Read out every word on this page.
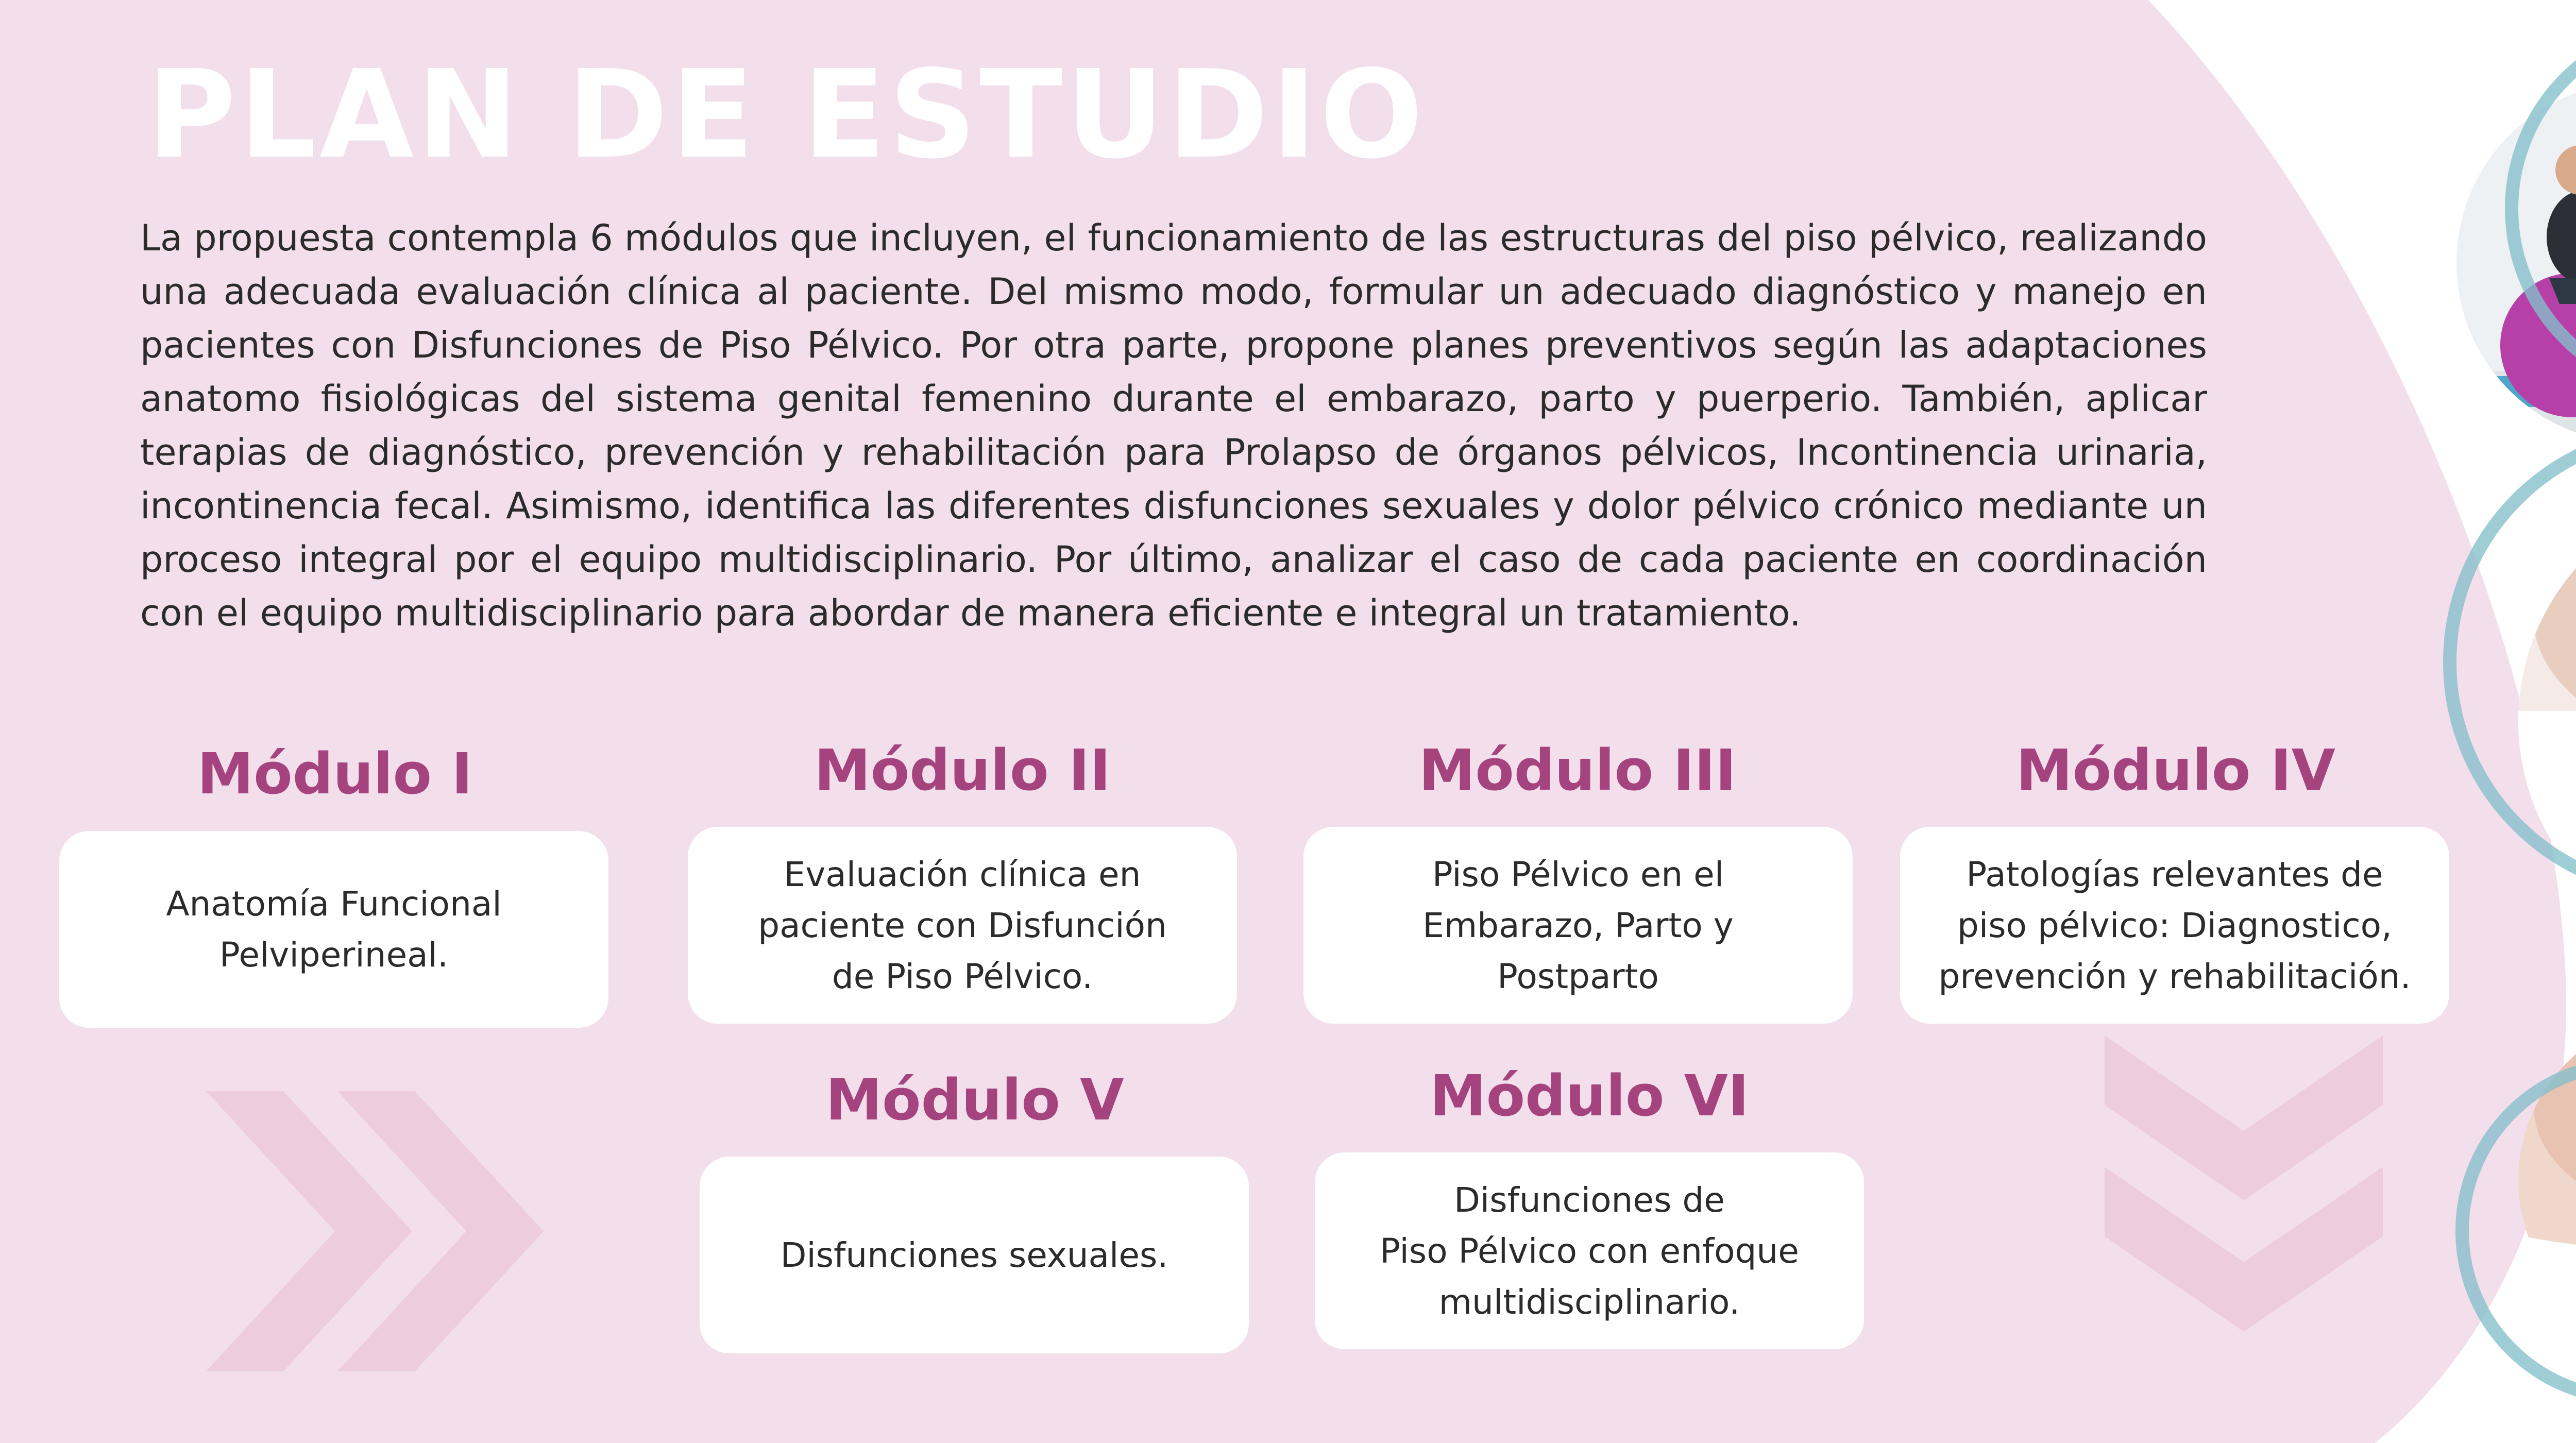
PLAN DE ESTUDIO

La propuesta contempla 6 módulos que incluyen, el funcionamiento de las estructuras del piso pélvico, realizando una adecuada evaluación clínica al paciente. Del mismo modo, formular un adecuado diagnóstico y manejo en pacientes con Disfunciones de Piso Pélvico. Por otra parte, propone planes preventivos según las adaptaciones anatomo fisiológicas del sistema genital femenino durante el embarazo, parto y puerperio. También, aplicar terapias de diagnóstico, prevención y rehabilitación para Prolapso de órganos pélvicos, Incontinencia urinaria, incontinencia fecal. Asimismo, identifica las diferentes disfunciones sexuales y dolor pélvico crónico mediante un proceso integral por el equipo multidisciplinario. Por último, analizar el caso de cada paciente en coordinación con el equipo multidisciplinario para abordar de manera eficiente e integral un tratamiento.

Módulo I	Módulo II	Módulo III	Módulo IV
Módulo V	Módulo VI
Anatomía Funcional
Pelviperineal.
Evaluación clínica en
paciente con Disfunción
de Piso Pélvico.
Piso Pélvico en el
Embarazo, Parto y
Postparto
Patologías relevantes de
piso pélvico: Diagnostico,
prevención y rehabilitación.
Disfunciones sexuales.
Disfunciones de
Piso Pélvico con enfoque
multidisciplinario.
